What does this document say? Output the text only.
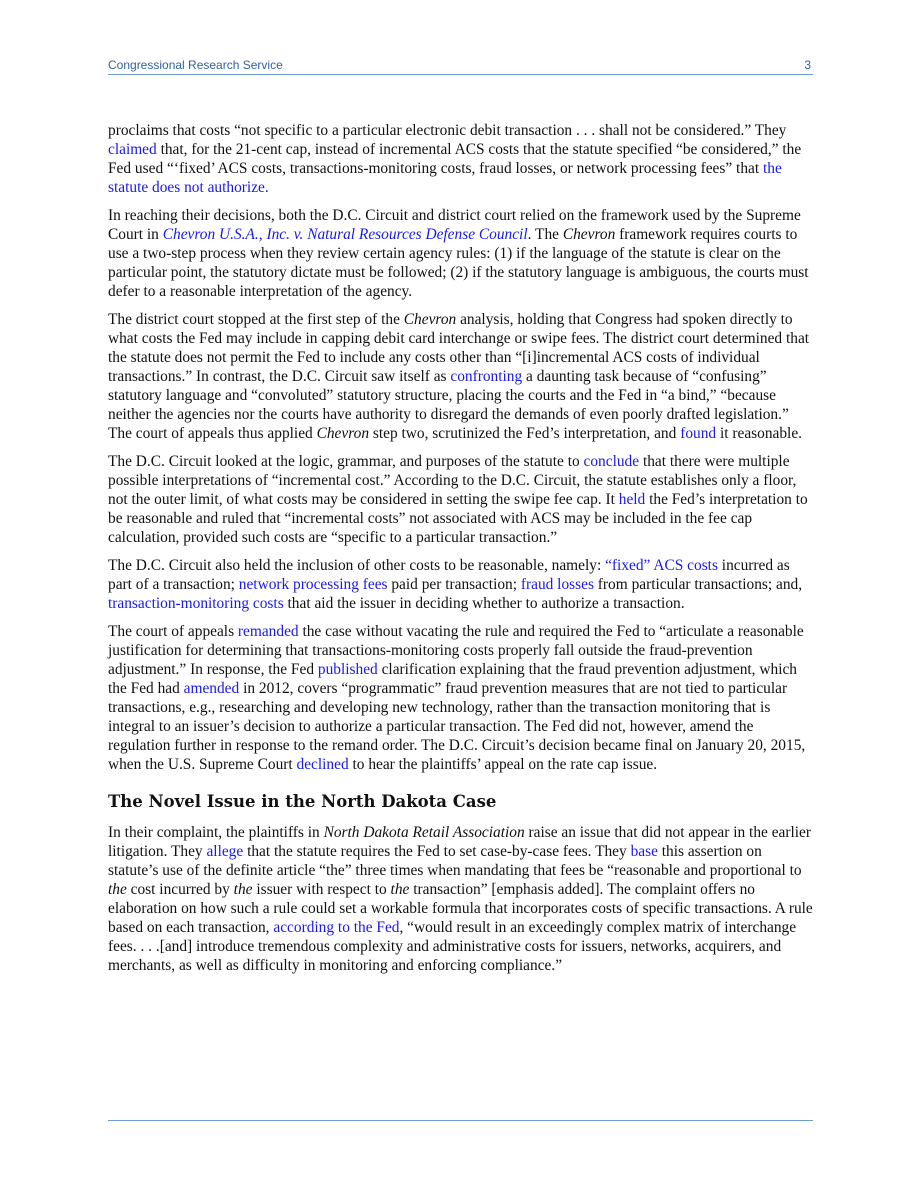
Congressional Research Service	3

proclaims that costs “not specific to a particular electronic debit transaction . . . shall not be considered.” They claimed that, for the 21-cent cap, instead of incremental ACS costs that the statute specified “be considered,” the Fed used “‘fixed’ ACS costs, transactions-monitoring costs, fraud losses, or network processing fees” that the statute does not authorize.

In reaching their decisions, both the D.C. Circuit and district court relied on the framework used by the Supreme Court in Chevron U.S.A., Inc. v. Natural Resources Defense Council. The Chevron framework requires courts to use a two-step process when they review certain agency rules: (1) if the language of the statute is clear on the particular point, the statutory dictate must be followed; (2) if the statutory language is ambiguous, the courts must defer to a reasonable interpretation of the agency.

The district court stopped at the first step of the Chevron analysis, holding that Congress had spoken directly to what costs the Fed may include in capping debit card interchange or swipe fees. The district court determined that the statute does not permit the Fed to include any costs other than “[i]incremental ACS costs of individual transactions.” In contrast, the D.C. Circuit saw itself as confronting a daunting task because of “confusing” statutory language and “convoluted” statutory structure, placing the courts and the Fed in “a bind,” “because neither the agencies nor the courts have authority to disregard the demands of even poorly drafted legislation.” The court of appeals thus applied Chevron step two, scrutinized the Fed’s interpretation, and found it reasonable.

The D.C. Circuit looked at the logic, grammar, and purposes of the statute to conclude that there were multiple possible interpretations of “incremental cost.” According to the D.C. Circuit, the statute establishes only a floor, not the outer limit, of what costs may be considered in setting the swipe fee cap. It held the Fed’s interpretation to be reasonable and ruled that “incremental costs” not associated with ACS may be included in the fee cap calculation, provided such costs are “specific to a particular transaction.”

The D.C. Circuit also held the inclusion of other costs to be reasonable, namely: “fixed” ACS costs incurred as part of a transaction; network processing fees paid per transaction; fraud losses from particular transactions; and, transaction-monitoring costs that aid the issuer in deciding whether to authorize a transaction.

The court of appeals remanded the case without vacating the rule and required the Fed to “articulate a reasonable justification for determining that transactions-monitoring costs properly fall outside the fraud-prevention adjustment.” In response, the Fed published clarification explaining that the fraud prevention adjustment, which the Fed had amended in 2012, covers “programmatic” fraud prevention measures that are not tied to particular transactions, e.g., researching and developing new technology, rather than the transaction monitoring that is integral to an issuer’s decision to authorize a particular transaction. The Fed did not, however, amend the regulation further in response to the remand order. The D.C. Circuit’s decision became final on January 20, 2015, when the U.S. Supreme Court declined to hear the plaintiffs’ appeal on the rate cap issue.

The Novel Issue in the North Dakota Case

In their complaint, the plaintiffs in North Dakota Retail Association raise an issue that did not appear in the earlier litigation. They allege that the statute requires the Fed to set case-by-case fees. They base this assertion on statute’s use of the definite article “the” three times when mandating that fees be “reasonable and proportional to the cost incurred by the issuer with respect to the transaction” [emphasis added]. The complaint offers no elaboration on how such a rule could set a workable formula that incorporates costs of specific transactions. A rule based on each transaction, according to the Fed, “would result in an exceedingly complex matrix of interchange fees. . . .[and] introduce tremendous complexity and administrative costs for issuers, networks, acquirers, and merchants, as well as difficulty in monitoring and enforcing compliance.”
